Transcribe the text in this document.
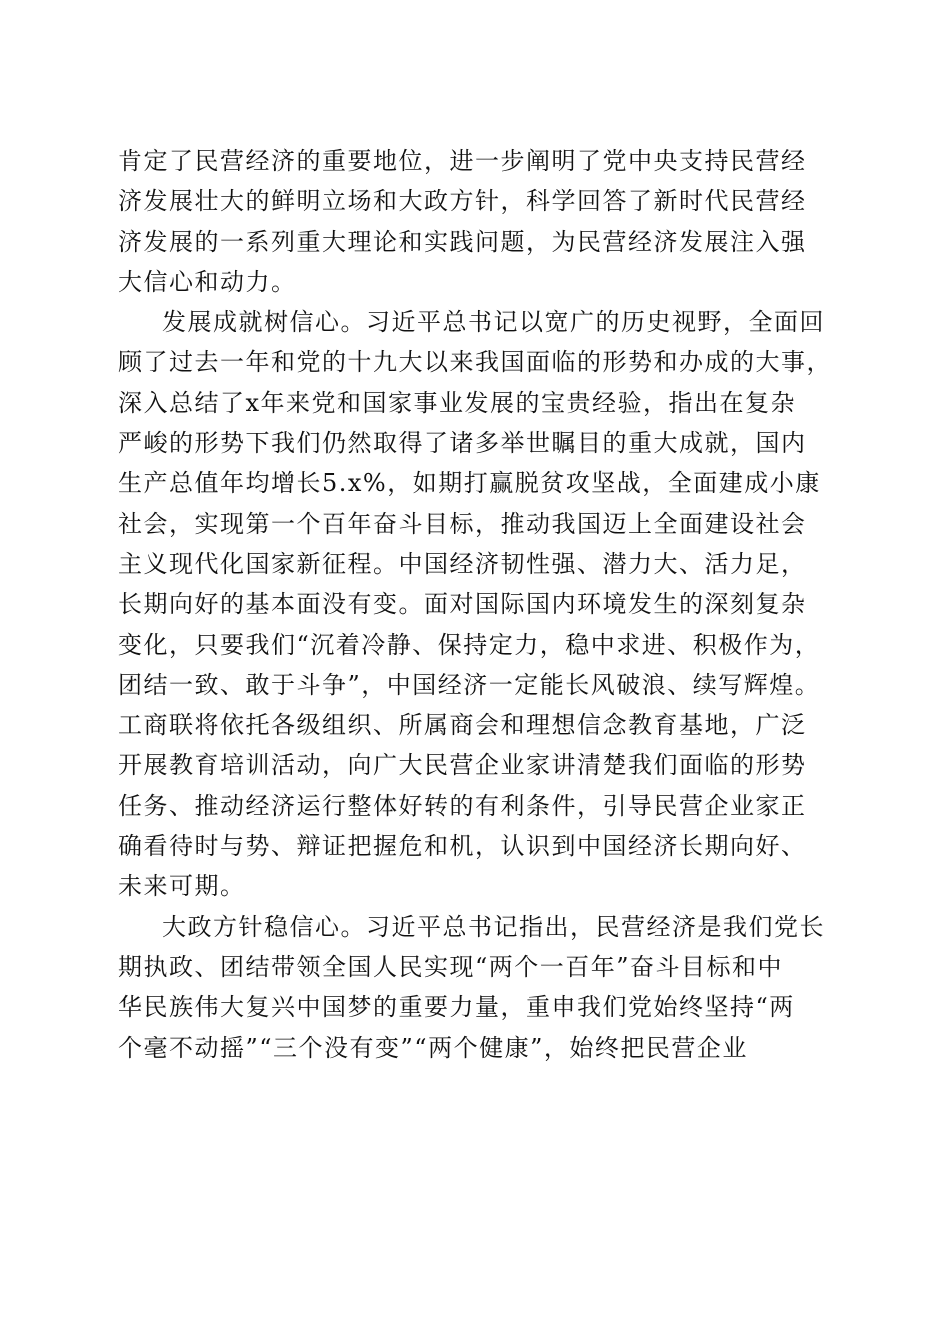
肯定了民营经济的重要地位，进一步阐明了党中央支持民营经
济发展壮大的鲜明立场和大政方针，科学回答了新时代民营经
济发展的一系列重大理论和实践问题，为民营经济发展注入强
大信心和动力。
发展成就树信心。习近平总书记以宽广的历史视野，全面回
顾了过去一年和党的十九大以来我国面临的形势和办成的大事，
深入总结了x年来党和国家事业发展的宝贵经验，指出在复杂
严峻的形势下我们仍然取得了诸多举世瞩目的重大成就，国内
生产总值年均增长5.x%，如期打赢脱贫攻坚战，全面建成小康
社会，实现第一个百年奋斗目标，推动我国迈上全面建设社会
主义现代化国家新征程。中国经济韧性强、潜力大、活力足，
长期向好的基本面没有变。面对国际国内环境发生的深刻复杂
变化，只要我们“沉着冷静、保持定力，稳中求进、积极作为，
团结一致、敢于斗争”，中国经济一定能长风破浪、续写辉煌。
工商联将依托各级组织、所属商会和理想信念教育基地，广泛
开展教育培训活动，向广大民营企业家讲清楚我们面临的形势
任务、推动经济运行整体好转的有利条件，引导民营企业家正
确看待时与势、辩证把握危和机，认识到中国经济长期向好、
未来可期。
大政方针稳信心。习近平总书记指出，民营经济是我们党长
期执政、团结带领全国人民实现“两个一百年”奋斗目标和中
华民族伟大复兴中国梦的重要力量，重申我们党始终坚持“两
个毫不动摇”“三个没有变”“两个健康”，始终把民营企业
